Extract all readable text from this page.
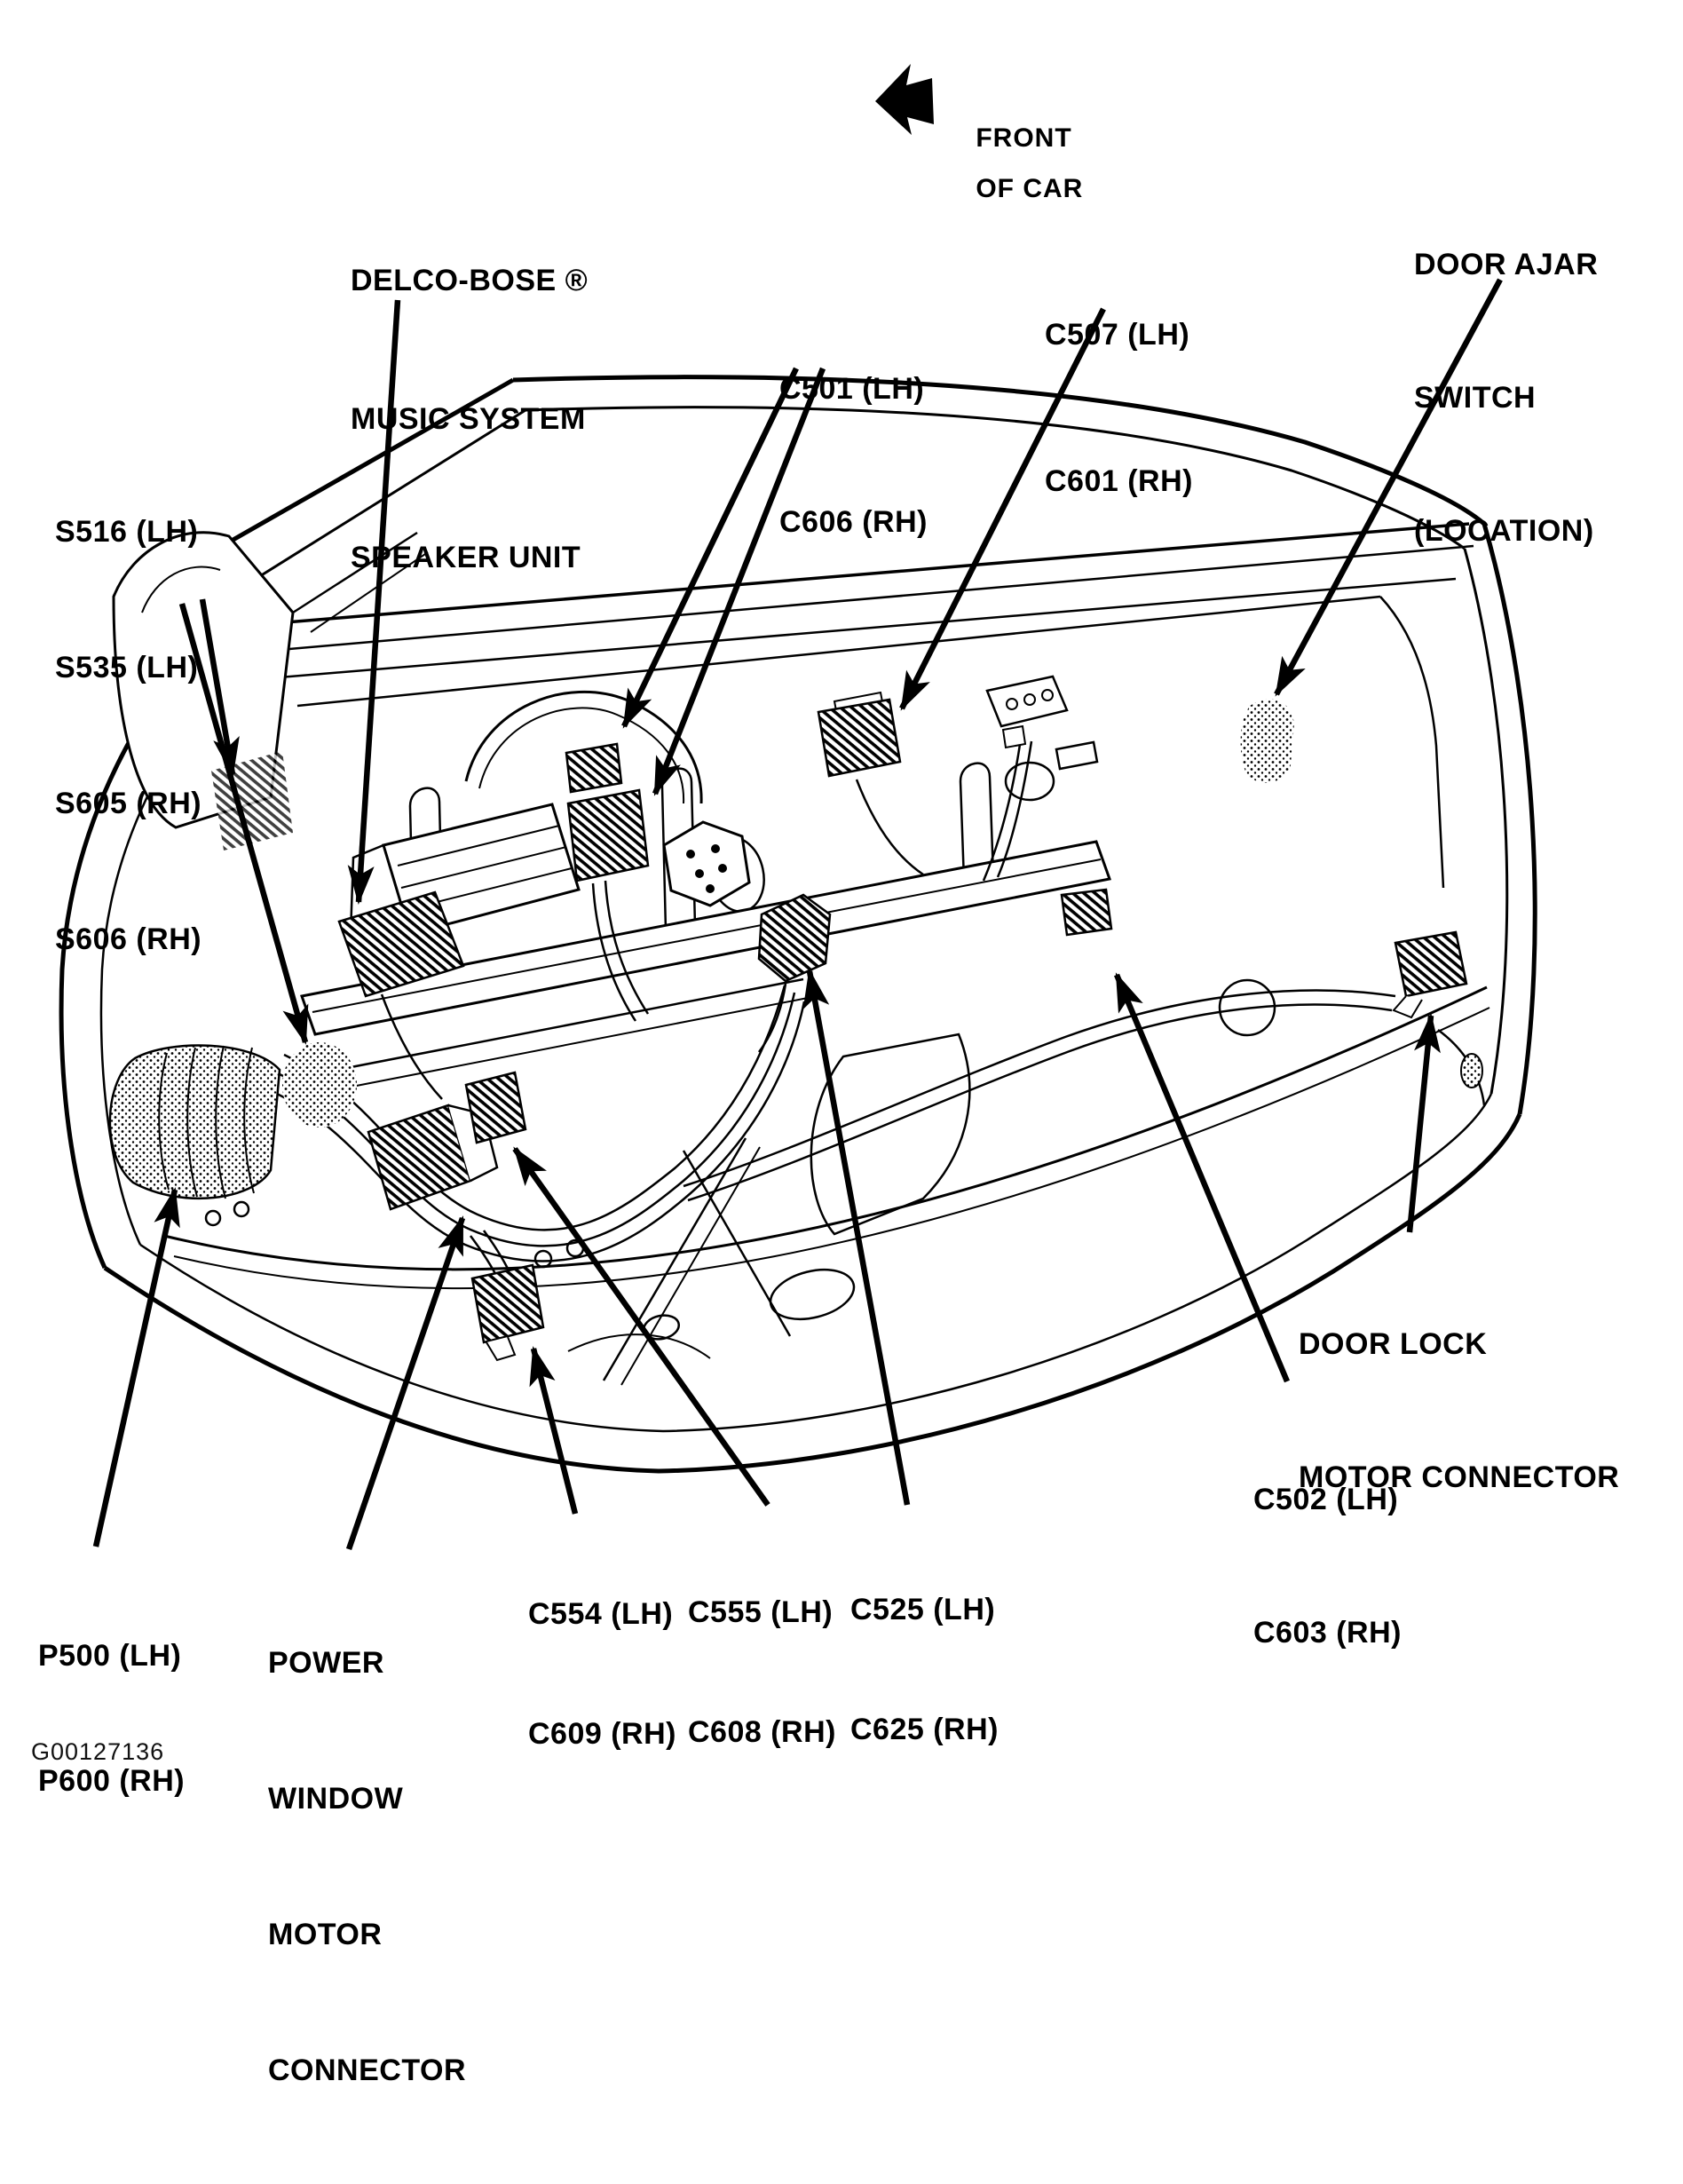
FRONT
OF CAR

DELCO-BOSE ®

MUSIC SYSTEM

SPEAKER UNIT

S516 (LH)

S535 (LH)

S605 (RH)

S606 (RH)

C501 (LH)

C606 (RH)

C507 (LH)

C601 (RH)

DOOR AJAR

SWITCH

(LOCATION)

DOOR LOCK

MOTOR CONNECTOR

C502 (LH)

C603 (RH)

C554 (LH)

C609 (RH)

C555 (LH)

C608 (RH)

C525 (LH)

C625 (RH)

P500 (LH)

P600 (RH)

POWER

WINDOW

MOTOR

CONNECTOR

G00127136
